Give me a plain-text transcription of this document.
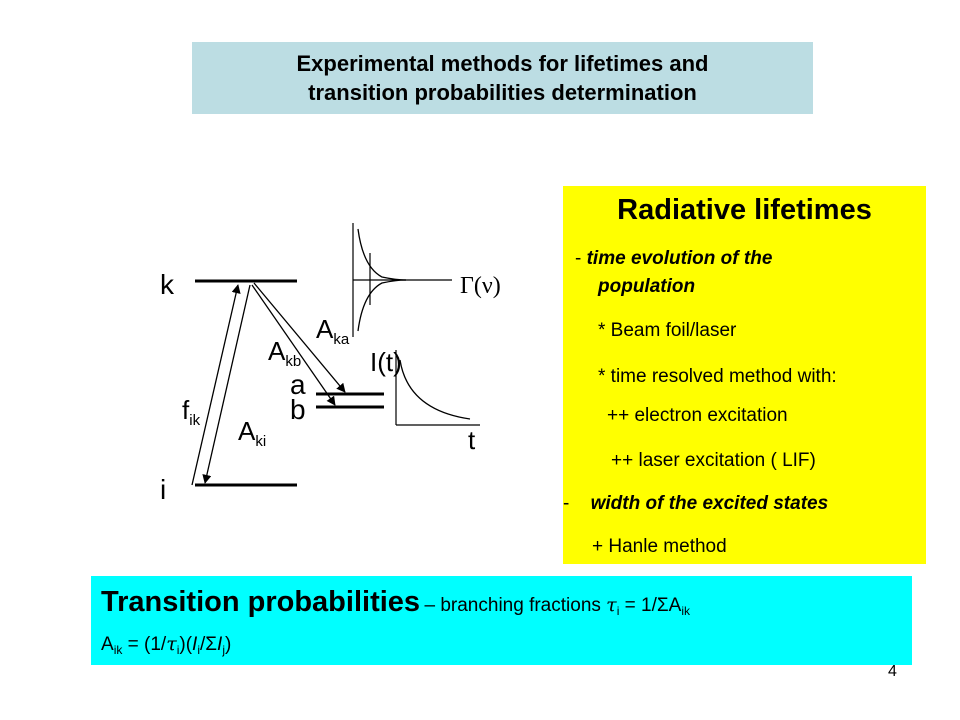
Experimental methods for lifetimes and
transition probabilities determination
k
i
a
b
$f_{ik}$ $A_{ki}$
$A_{kb}$
$A_{ka}$
Γ(ν)
I(t)
t
Radiative lifetimes
- time evolution of the
population
* Beam foil/laser
* time resolved method with:
++ electron excitation
++ laser excitation ( LIF)
- width of the excited states
+ Hanle method
Transition probabilities – branching fractions $\tau_i = 1/\Sigma A_{ik}$
$A_{ik} = (1/\tau_i)(I_i/\Sigma I_j)$
4
